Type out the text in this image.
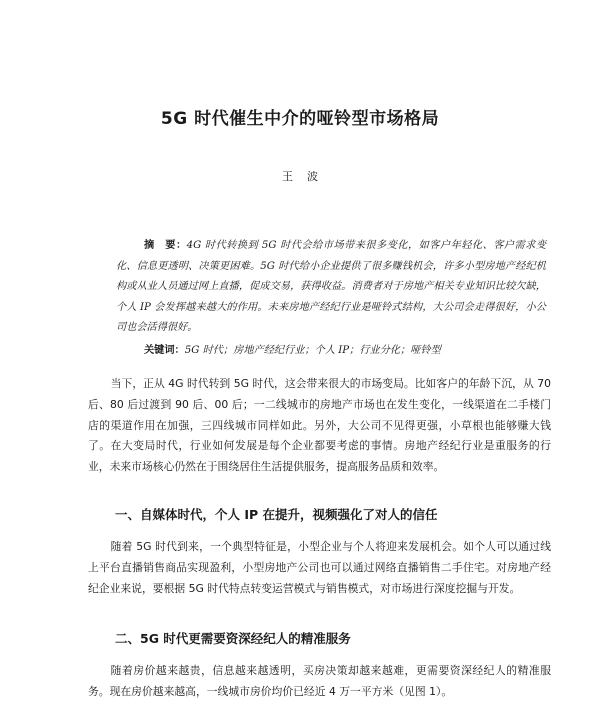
5G 时代催生中介的哑铃型市场格局
王波
摘　要：4G 时代转换到 5G 时代会给市场带来很多变化，如客户年轻化、客户需求变化、信息更透明、决策更困难。5G 时代给小企业提供了很多赚钱机会，许多小型房地产经纪机构或从业人员通过网上直播，促成交易，获得收益。消费者对于房地产相关专业知识比较欠缺，个人 IP 会发挥越来越大的作用。未来房地产经纪行业是哑铃式结构，大公司会走得很好，小公司也会活得很好。
关键词：5G 时代；房地产经纪行业；个人 IP；行业分化；哑铃型
当下，正从 4G 时代转到 5G 时代，这会带来很大的市场变局。比如客户的年龄下沉，从 70 后、80 后过渡到 90 后、00 后；一二线城市的房地产市场也在发生变化，一线渠道在二手楼门店的渠道作用在加强，三四线城市同样如此。另外，大公司不见得更强，小草根也能够赚大钱了。在大变局时代，行业如何发展是每个企业都要考虑的事情。房地产经纪行业是重服务的行业，未来市场核心仍然在于围绕居住生活提供服务，提高服务品质和效率。
一、自媒体时代，个人 IP 在提升，视频强化了对人的信任
随着 5G 时代到来，一个典型特征是，小型企业与个人将迎来发展机会。如个人可以通过线上平台直播销售商品实现盈利，小型房地产公司也可以通过网络直播销售二手住宅。对房地产经纪企业来说，要根据 5G 时代特点转变运营模式与销售模式，对市场进行深度挖掘与开发。
二、5G 时代更需要资深经纪人的精准服务
随着房价越来越贵，信息越来越透明，买房决策却越来越难，更需要资深经纪人的精准服务。现在房价越来越高，一线城市房价均价已经近 4 万一平方米（见图 1）。
